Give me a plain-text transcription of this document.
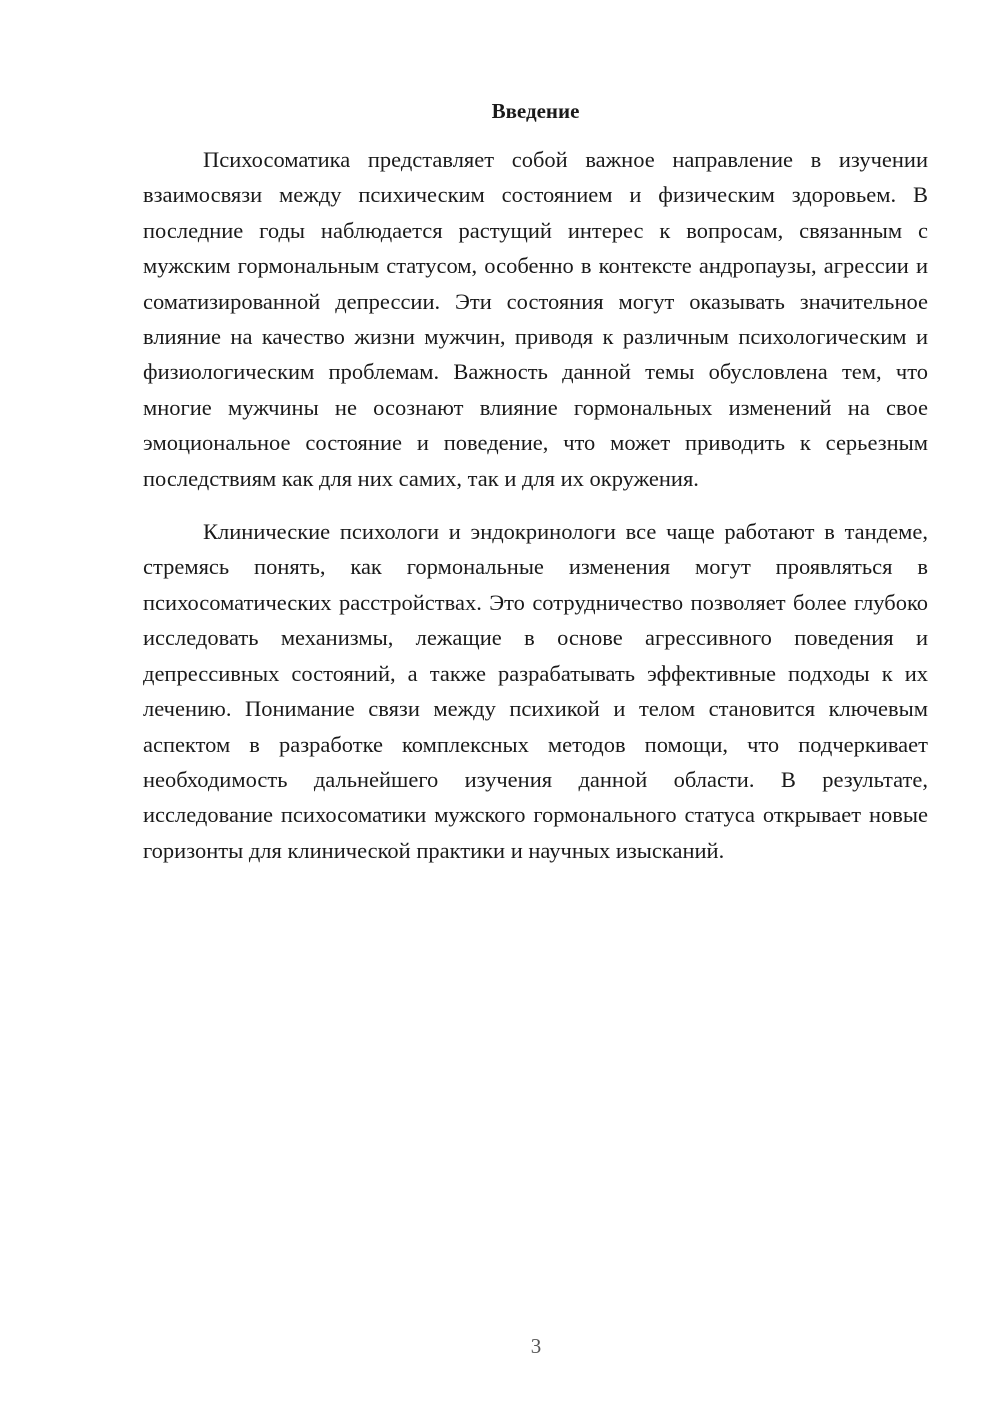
Введение

Психосоматика представляет собой важное направление в изучении взаимосвязи между психическим состоянием и физическим здоровьем. В последние годы наблюдается растущий интерес к вопросам, связанным с мужским гормональным статусом, особенно в контексте андропаузы, агрессии и соматизированной депрессии. Эти состояния могут оказывать значительное влияние на качество жизни мужчин, приводя к различным психологическим и физиологическим проблемам. Важность данной темы обусловлена тем, что многие мужчины не осознают влияние гормональных изменений на свое эмоциональное состояние и поведение, что может приводить к серьезным последствиям как для них самих, так и для их окружения.

Клинические психологи и эндокринологи все чаще работают в тандеме, стремясь понять, как гормональные изменения могут проявляться в психосоматических расстройствах. Это сотрудничество позволяет более глубоко исследовать механизмы, лежащие в основе агрессивного поведения и депрессивных состояний, а также разрабатывать эффективные подходы к их лечению. Понимание связи между психикой и телом становится ключевым аспектом в разработке комплексных методов помощи, что подчеркивает необходимость дальнейшего изучения данной области. В результате, исследование психосоматики мужского гормонального статуса открывает новые горизонты для клинической практики и научных изысканий.

3
